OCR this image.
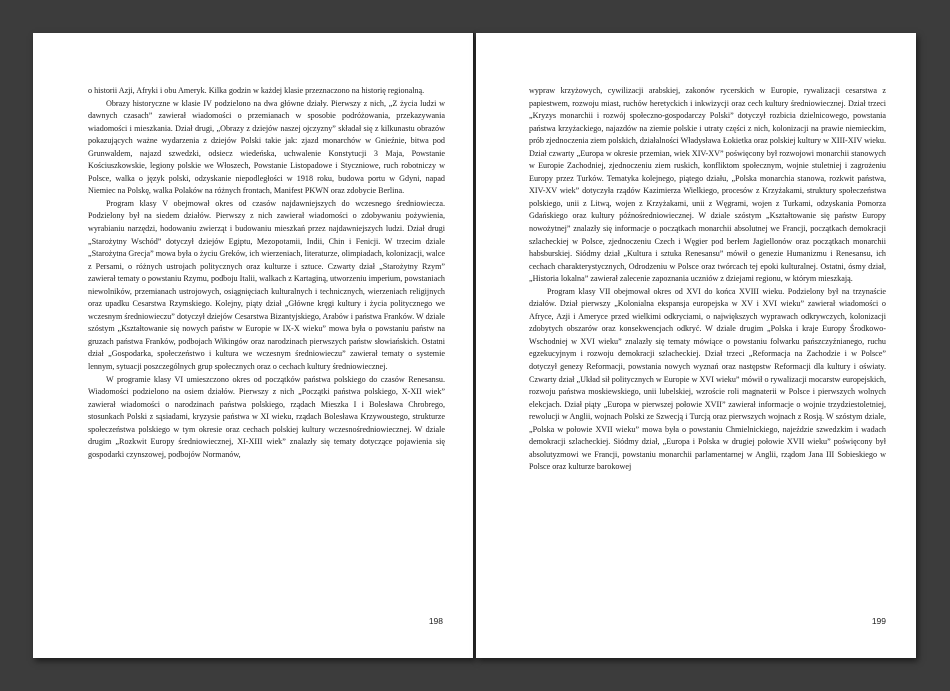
o historii Azji, Afryki i obu Ameryk. Kilka godzin w każdej klasie przeznaczono na historię regionalną.

Obrazy historyczne w klasie IV podzielono na dwa główne działy. Pierwszy z nich, „Z życia ludzi w dawnych czasach” zawierał wiadomości o przemianach w sposobie podróżowania, przekazywania wiadomości i mieszkania. Dział drugi, „Obrazy z dziejów naszej ojczyzny” składał się z kilkunastu obrazów pokazujących ważne wydarzenia z dziejów Polski takie jak: zjazd monarchów w Gnieźnie, bitwa pod Grunwaldem, najazd szwedzki, odsiecz wiedeńska, uchwalenie Konstytucji 3 Maja, Powstanie Kościuszkowskie, legiony polskie we Włoszech, Powstanie Listopadowe i Styczniowe, ruch robotniczy w Polsce, walka o język polski, odzyskanie niepodległości w 1918 roku, budowa portu w Gdyni, napad Niemiec na Polskę, walka Polaków na różnych frontach, Manifest PKWN oraz zdobycie Berlina.

Program klasy V obejmował okres od czasów najdawniejszych do wczesnego średniowiecza. Podzielony był na siedem działów. Pierwszy z nich zawierał wiadomości o zdobywaniu pożywienia, wyrabianiu narzędzi, hodowaniu zwierząt i budowaniu mieszkań przez najdawniejszych ludzi. Dział drugi „Starożytny Wschód” dotyczył dziejów Egiptu, Mezopotamii, Indii, Chin i Fenicji. W trzecim dziale „Starożytna Grecja” mowa była o życiu Greków, ich wierzeniach, literaturze, olimpiadach, kolonizacji, walce z Persami, o różnych ustrojach politycznych oraz kulturze i sztuce. Czwarty dział „Starożytny Rzym” zawierał tematy o powstaniu Rzymu, podboju Italii, walkach z Kartaginą, utworzeniu imperium, powstaniach niewolników, przemianach ustrojowych, osiągnięciach kulturalnych i technicznych, wierzeniach religijnych oraz upadku Cesarstwa Rzymskiego. Kolejny, piąty dział „Główne kręgi kultury i życia politycznego we wczesnym średniowieczu” dotyczył dziejów Cesarstwa Bizantyjskiego, Arabów i państwa Franków. W dziale szóstym „Kształtowanie się nowych państw w Europie w IX-X wieku” mowa była o powstaniu państw na gruzach państwa Franków, podbojach Wikingów oraz narodzinach pierwszych państw słowiańskich. Ostatni dział „Gospodarka, społeczeństwo i kultura we wczesnym średniowieczu” zawierał tematy o systemie lennym, sytuacji poszczególnych grup społecznych oraz o cechach kultury średniowiecznej.

W programie klasy VI umieszczono okres od początków państwa polskiego do czasów Renesansu. Wiadomości podzielono na osiem działów. Pierwszy z nich „Początki państwa polskiego, X-XII wiek” zawierał wiadomości o narodzinach państwa polskiego, rządach Mieszka I i Bolesława Chrobrego, stosunkach Polski z sąsiadami, kryzysie państwa w XI wieku, rządach Bolesława Krzywoustego, strukturze społeczeństwa polskiego w tym okresie oraz cechach polskiej kultury wczesnośredniowiecznej. W dziale drugim „Rozkwit Europy średniowiecznej, XI-XIII wiek” znalazły się tematy dotyczące pojawienia się gospodarki czynszowej, podbojów Normanów,

198

wypraw krzyżowych, cywilizacji arabskiej, zakonów rycerskich w Europie, rywalizacji cesarstwa z papiestwem, rozwoju miast, ruchów heretyckich i inkwizycji oraz cech kultury średniowiecznej. Dział trzeci „Kryzys monarchii i rozwój społeczno-gospodarczy Polski” dotyczył rozbicia dzielnicowego, powstania państwa krzyżackiego, najazdów na ziemie polskie i utraty części z nich, kolonizacji na prawie niemieckim, prób zjednoczenia ziem polskich, działalności Władysława Łokietka oraz polskiej kultury w XIII-XIV wieku. Dział czwarty „Europa w okresie przemian, wiek XIV-XV” poświęcony był rozwojowi monarchii stanowych w Europie Zachodniej, zjednoczeniu ziem ruskich, konfliktom społecznym, wojnie stuletniej i zagrożeniu Europy przez Turków. Tematyka kolejnego, piątego działu, „Polska monarchia stanowa, rozkwit państwa, XIV-XV wiek” dotyczyła rządów Kazimierza Wielkiego, procesów z Krzyżakami, struktury społeczeństwa polskiego, unii z Litwą, wojen z Krzyżakami, unii z Węgrami, wojen z Turkami, odzyskania Pomorza Gdańskiego oraz kultury późnośredniowiecznej. W dziale szóstym „Kształtowanie się państw Europy nowożytnej” znalazły się informacje o początkach monarchii absolutnej we Francji, początkach demokracji szlacheckiej w Polsce, zjednoczeniu Czech i Węgier pod berłem Jagiellonów oraz początkach monarchii habsburskiej. Siódmy dział „Kultura i sztuka Renesansu” mówił o genezie Humanizmu i Renesansu, ich cechach charakterystycznych, Odrodzeniu w Polsce oraz twórcach tej epoki kulturalnej. Ostatni, ósmy dział, „Historia lokalna” zawierał zalecenie zapoznania uczniów z dziejami regionu, w którym mieszkają.

Program klasy VII obejmował okres od XVI do końca XVIII wieku. Podzielony był na trzynaście działów. Dział pierwszy „Kolonialna ekspansja europejska w XV i XVI wieku” zawierał wiadomości o Afryce, Azji i Ameryce przed wielkimi odkryciami, o największych wyprawach odkrywczych, kolonizacji zdobytych obszarów oraz konsekwencjach odkryć. W dziale drugim „Polska i kraje Europy Środkowo-Wschodniej w XVI wieku” znalazły się tematy mówiące o powstaniu folwarku pańszczyźnianego, ruchu egzekucyjnym i rozwoju demokracji szlacheckiej. Dział trzeci „Reformacja na Zachodzie i w Polsce” dotyczył genezy Reformacji, powstania nowych wyznań oraz następstw Reformacji dla kultury i oświaty. Czwarty dział „Układ sił politycznych w Europie w XVI wieku” mówił o rywalizacji mocarstw europejskich, rozwoju państwa moskiewskiego, unii lubelskiej, wzroście roli magnaterii w Polsce i pierwszych wolnych elekcjach. Dział piąty „Europa w pierwszej połowie XVII” zawierał informacje o wojnie trzydziestoletniej, rewolucji w Anglii, wojnach Polski ze Szwecją i Turcją oraz pierwszych wojnach z Rosją. W szóstym dziale, „Polska w połowie XVII wieku” mowa była o powstaniu Chmielnickiego, najeździe szwedzkim i wadach demokracji szlacheckiej. Siódmy dział, „Europa i Polska w drugiej połowie XVII wieku” poświęcony był absolutyzmowi we Francji, powstaniu monarchii parlamentarnej w Anglii, rządom Jana III Sobieskiego w Polsce oraz kulturze barokowej

199
